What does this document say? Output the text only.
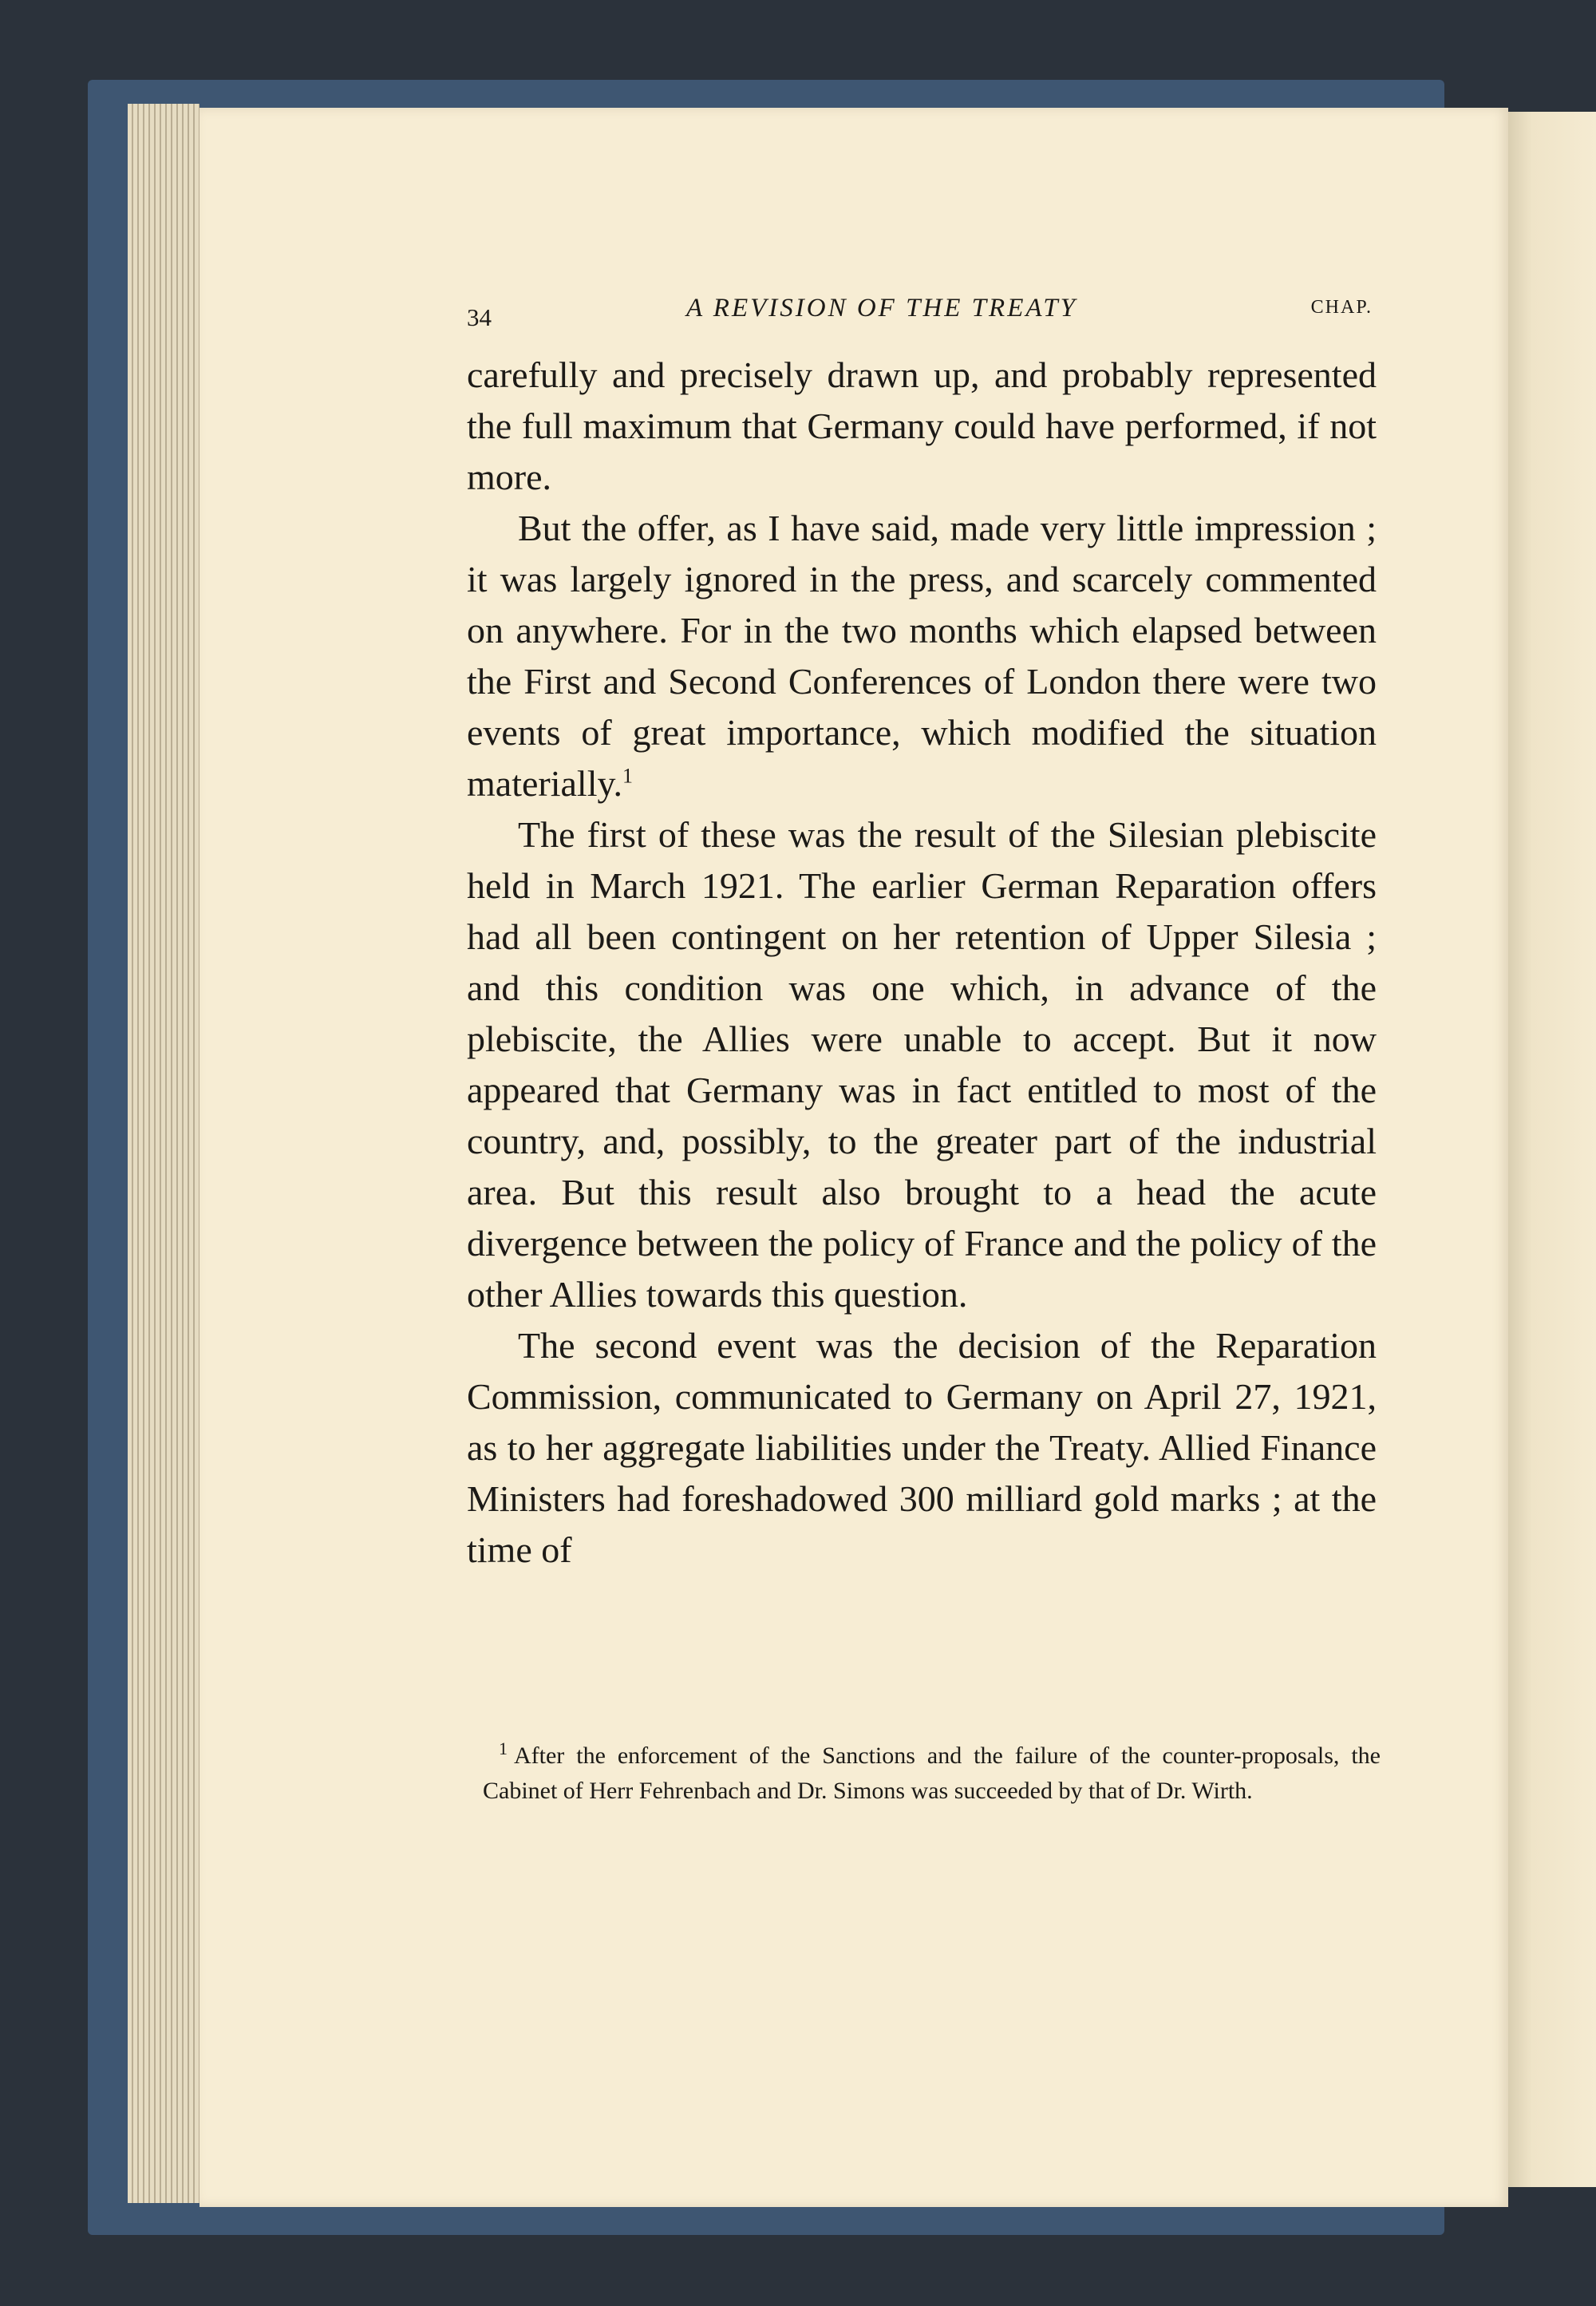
34	A REVISION OF THE TREATY	CHAP.

carefully and precisely drawn up, and probably represented the full maximum that Germany could have performed, if not more.

But the offer, as I have said, made very little impression ; it was largely ignored in the press, and scarcely commented on anywhere. For in the two months which elapsed between the First and Second Conferences of London there were two events of great importance, which modified the situation materially.$^1$

The first of these was the result of the Silesian plebiscite held in March 1921. The earlier German Reparation offers had all been contingent on her retention of Upper Silesia ; and this condition was one which, in advance of the plebiscite, the Allies were unable to accept. But it now appeared that Germany was in fact entitled to most of the country, and, possibly, to the greater part of the industrial area. But this result also brought to a head the acute divergence between the policy of France and the policy of the other Allies towards this question.

The second event was the decision of the Reparation Commission, communicated to Germany on April 27, 1921, as to her aggregate liabilities under the Treaty. Allied Finance Ministers had foreshadowed 300 milliard gold marks ; at the time of

$^1$ After the enforcement of the Sanctions and the failure of the counter-proposals, the Cabinet of Herr Fehrenbach and Dr. Simons was succeeded by that of Dr. Wirth.
